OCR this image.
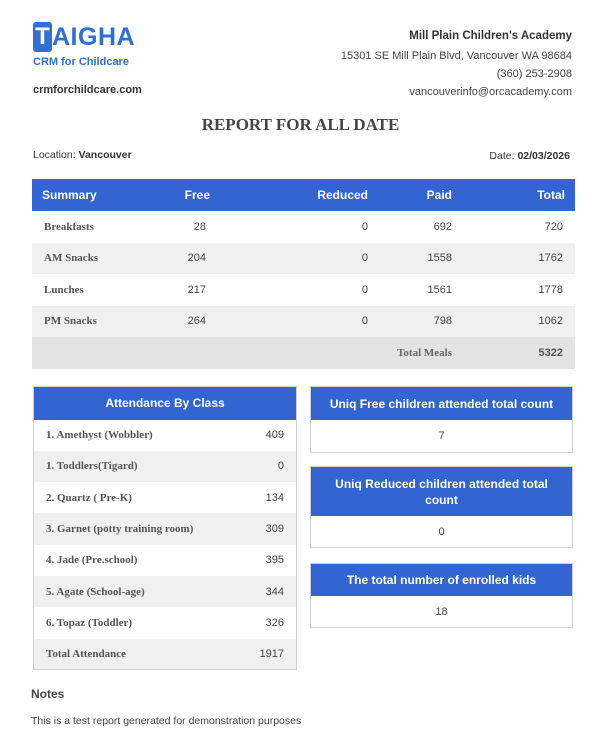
T AIGHA
CRM for Childcare
crmforchildcare.com
Mill Plain Children's Academy
15301 SE Mill Plain Blvd, Vancouver WA 98684
(360) 253-2908
vancouverinfo@orcacademy.com
REPORT FOR ALL DATE
Location: Vancouver	Date: 02/03/2026
Summary	Free	Reduced	Paid	Total
Breakfasts	28	0	692	720
AM Snacks	204	0	1558	1762
Lunches	217	0	1561	1778
PM Snacks	264	0	798	1062
			Total Meals	5322
Attendance By Class	
1. Amethyst (Wobbler)	409
1. Toddlers(Tigard)	0
2. Quartz ( Pre-K)	134
3. Garnet (potty training room)	309
4. Jade (Pre.school)	395
5. Agate (School-age)	344
6. Topaz (Toddler)	326
Total Attendance	1917
Uniq Free children attended total count
7
Uniq Reduced children attended total count
0
The total number of enrolled kids
18
Notes
This is a test report generated for demonstration purposes
